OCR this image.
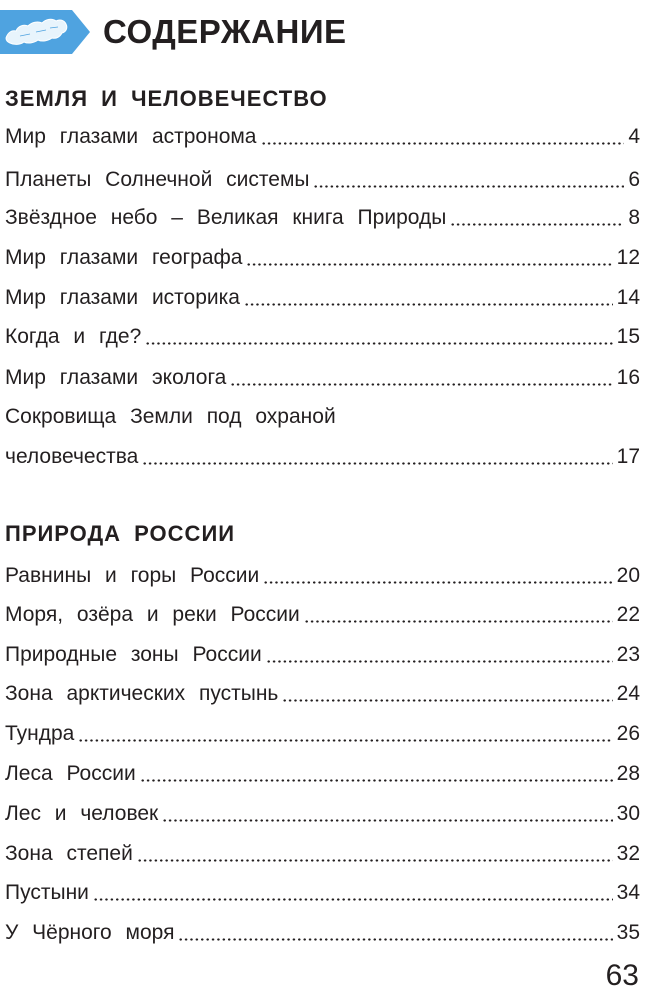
СОДЕРЖАНИЕ
ЗЕМЛЯ И ЧЕЛОВЕЧЕСТВО
Мир глазами астронома	4
Планеты Солнечной системы	6
Звёздное небо – Великая книга Природы	8
Мир глазами географа	12
Мир глазами историка	14
Когда и где?	15
Мир глазами эколога	16
Сокровища Земли под охраной
человечества	17
ПРИРОДА РОССИИ
Равнины и горы России	20
Моря, озёра и реки России	22
Природные зоны России	23
Зона арктических пустынь	24
Тундра	26
Леса России	28
Лес и человек	30
Зона степей	32
Пустыни	34
У Чёрного моря	35
63
